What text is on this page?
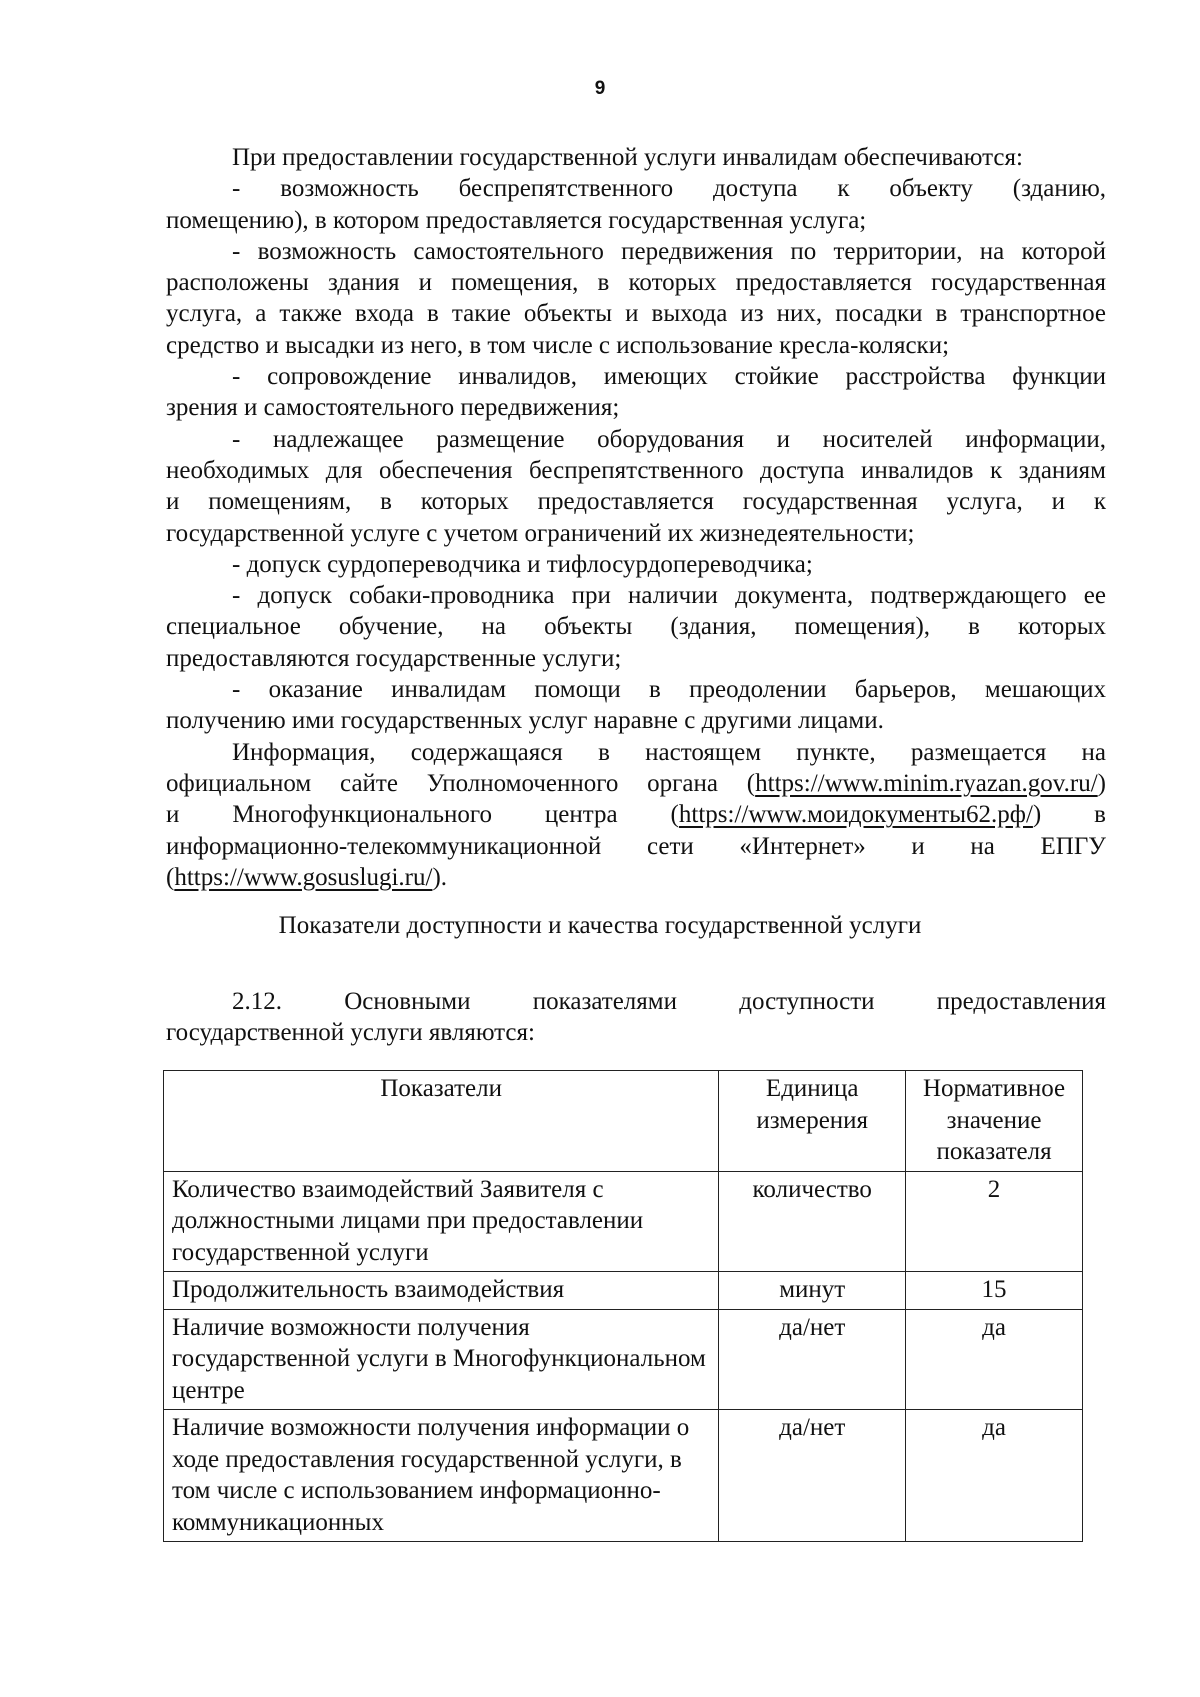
9
При предоставлении государственной услуги инвалидам обеспечиваются:
- возможность беспрепятственного доступа к объекту (зданию,
помещению), в котором предоставляется государственная услуга;
- возможность самостоятельного передвижения по территории, на которой
расположены здания и помещения, в которых предоставляется государственная
услуга, а также входа в такие объекты и выхода из них, посадки в транспортное
средство и высадки из него, в том числе с использование кресла-коляски;
- сопровождение инвалидов, имеющих стойкие расстройства функции
зрения и самостоятельного передвижения;
- надлежащее размещение оборудования и носителей информации,
необходимых для обеспечения беспрепятственного доступа инвалидов к зданиям
и помещениям, в которых предоставляется государственная услуга, и к
государственной услуге с учетом ограничений их жизнедеятельности;
- допуск сурдопереводчика и тифлосурдопереводчика;
- допуск собаки-проводника при наличии документа, подтверждающего ее
специальное обучение, на объекты (здания, помещения), в которых
предоставляются государственные услуги;
- оказание инвалидам помощи в преодолении барьеров, мешающих
получению ими государственных услуг наравне с другими лицами.
Информация, содержащаяся в настоящем пункте, размещается на
официальном сайте Уполномоченного органа (https://www.minim.ryazan.gov.ru/)
и Многофункционального центра (https://www.моидокументы62.рф/) в
информационно-телекоммуникационной сети «Интернет» и на ЕПГУ
(https://www.gosuslugi.ru/).
Показатели доступности и качества государственной услуги
2.12. Основными показателями доступности предоставления
государственной услуги являются:
Показатели	Единица измерения	Нормативное значение показателя
Количество взаимодействий Заявителя с должностными лицами при предоставлении государственной услуги	количество	2
Продолжительность взаимодействия	минут	15
Наличие возможности получения государственной услуги в Многофункциональном центре	да/нет	да
Наличие возможности получения информации о ходе предоставления государственной услуги, в том числе с использованием информационно-коммуникационных	да/нет	да
